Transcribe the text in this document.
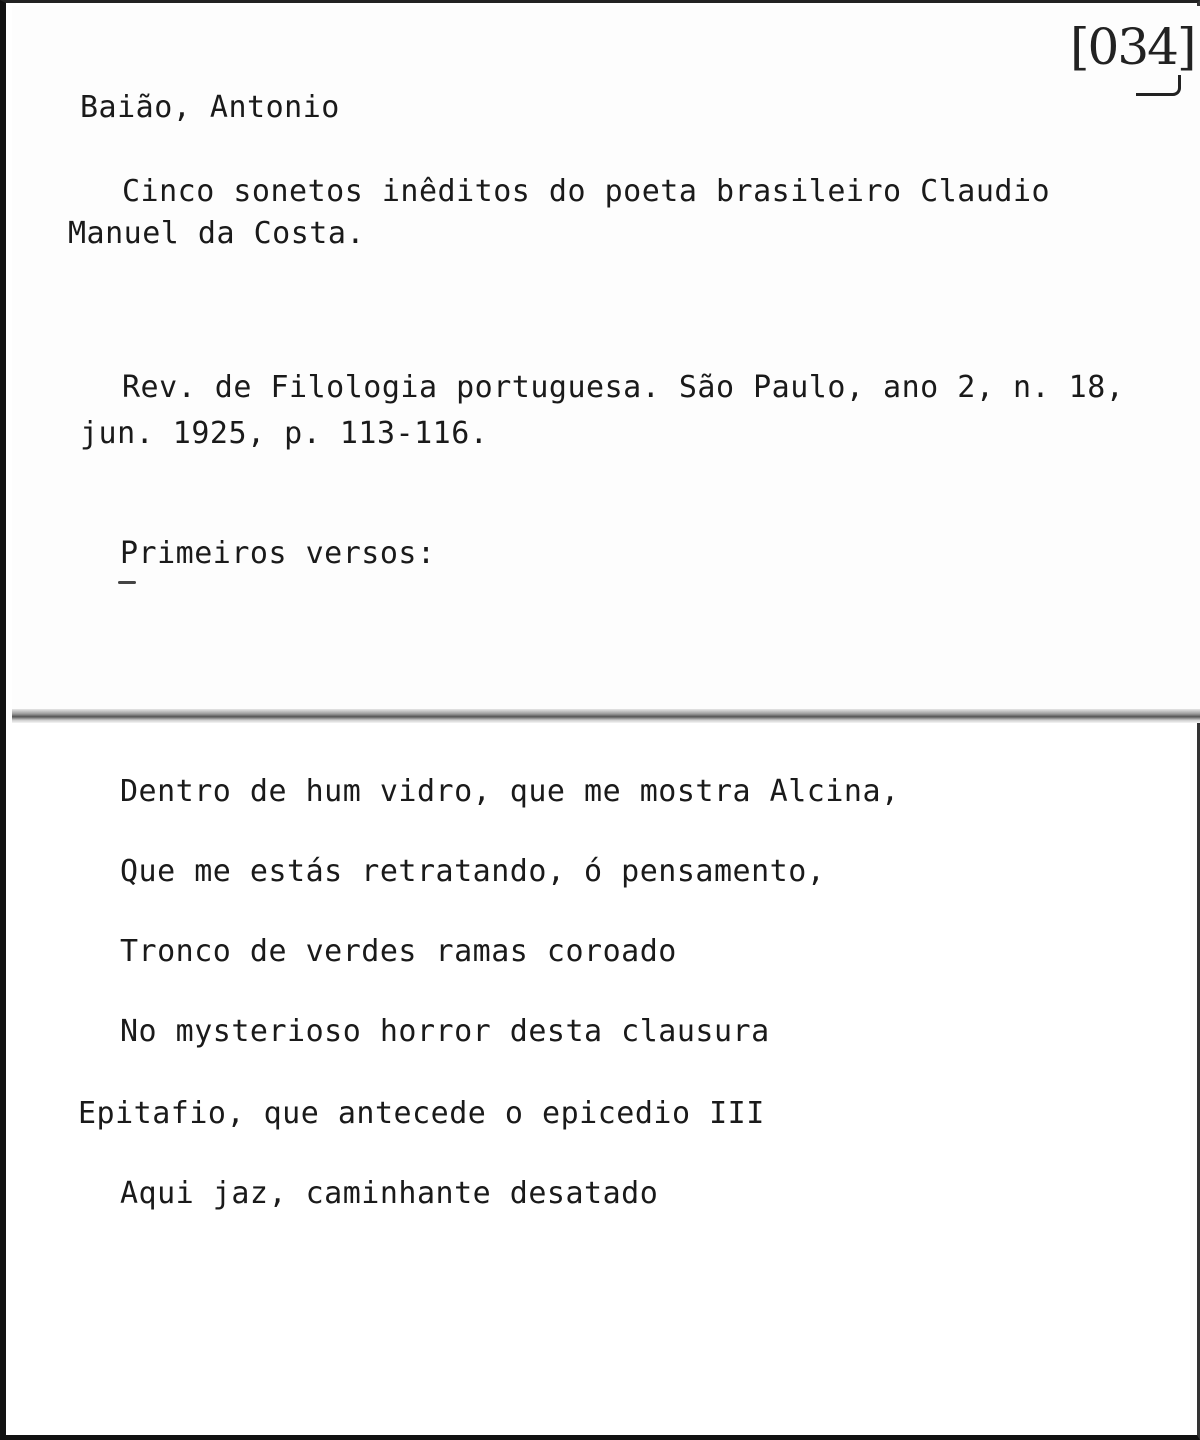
[034]
Baião, Antonio
Cinco sonetos inêditos do poeta brasileiro Claudio
Manuel da Costa.
Rev. de Filologia portuguesa. São Paulo, ano 2, n. 18,
jun. 1925, p. 113-116.
Primeiros versos:
Dentro de hum vidro, que me mostra Alcina,
Que me estás retratando, ó pensamento,
Tronco de verdes ramas coroado
No mysterioso horror desta clausura
Epitafio, que antecede o epicedio III
Aqui jaz, caminhante desatado
